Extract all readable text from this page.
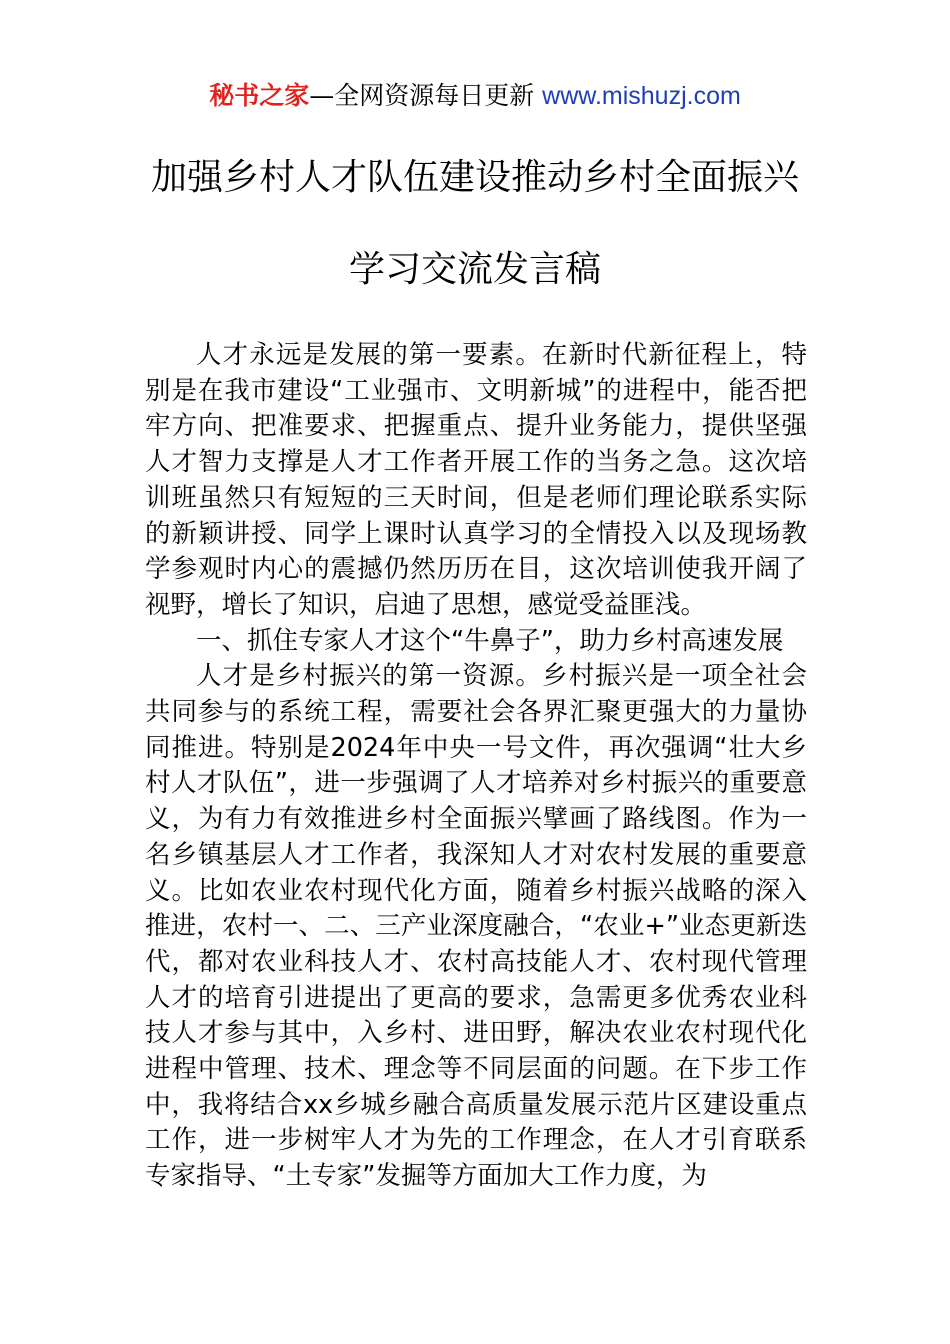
秘书之家—全网资源每日更新 www.mishuzj.com
加强乡村人才队伍建设推动乡村全面振兴
学习交流发言稿

人才永远是发展的第一要素。在新时代新征程上，特别是在我市建设“工业强市、文明新城”的进程中，能否把牢方向、把准要求、把握重点、提升业务能力，提供坚强人才智力支撑是人才工作者开展工作的当务之急。这次培训班虽然只有短短的三天时间，但是老师们理论联系实际的新颖讲授、同学上课时认真学习的全情投入以及现场教学参观时内心的震撼仍然历历在目，这次培训使我开阔了视野，增长了知识，启迪了思想，感觉受益匪浅。

一、抓住专家人才这个“牛鼻子”，助力乡村高速发展

人才是乡村振兴的第一资源。乡村振兴是一项全社会共同参与的系统工程，需要社会各界汇聚更强大的力量协同推进。特别是2024年中央一号文件，再次强调“壮大乡村人才队伍”，进一步强调了人才培养对乡村振兴的重要意义，为有力有效推进乡村全面振兴擘画了路线图。作为一名乡镇基层人才工作者，我深知人才对农村发展的重要意义。比如农业农村现代化方面，随着乡村振兴战略的深入推进，农村一、二、三产业深度融合，“农业+”业态更新迭代，都对农业科技人才、农村高技能人才、农村现代管理人才的培育引进提出了更高的要求，急需更多优秀农业科技人才参与其中，入乡村、进田野，解决农业农村现代化进程中管理、技术、理念等不同层面的问题。在下步工作中，我将结合xx乡城乡融合高质量发展示范片区建设重点工作，进一步树牢人才为先的工作理念，在人才引育联系专家指导、“土专家”发掘等方面加大工作力度，为
